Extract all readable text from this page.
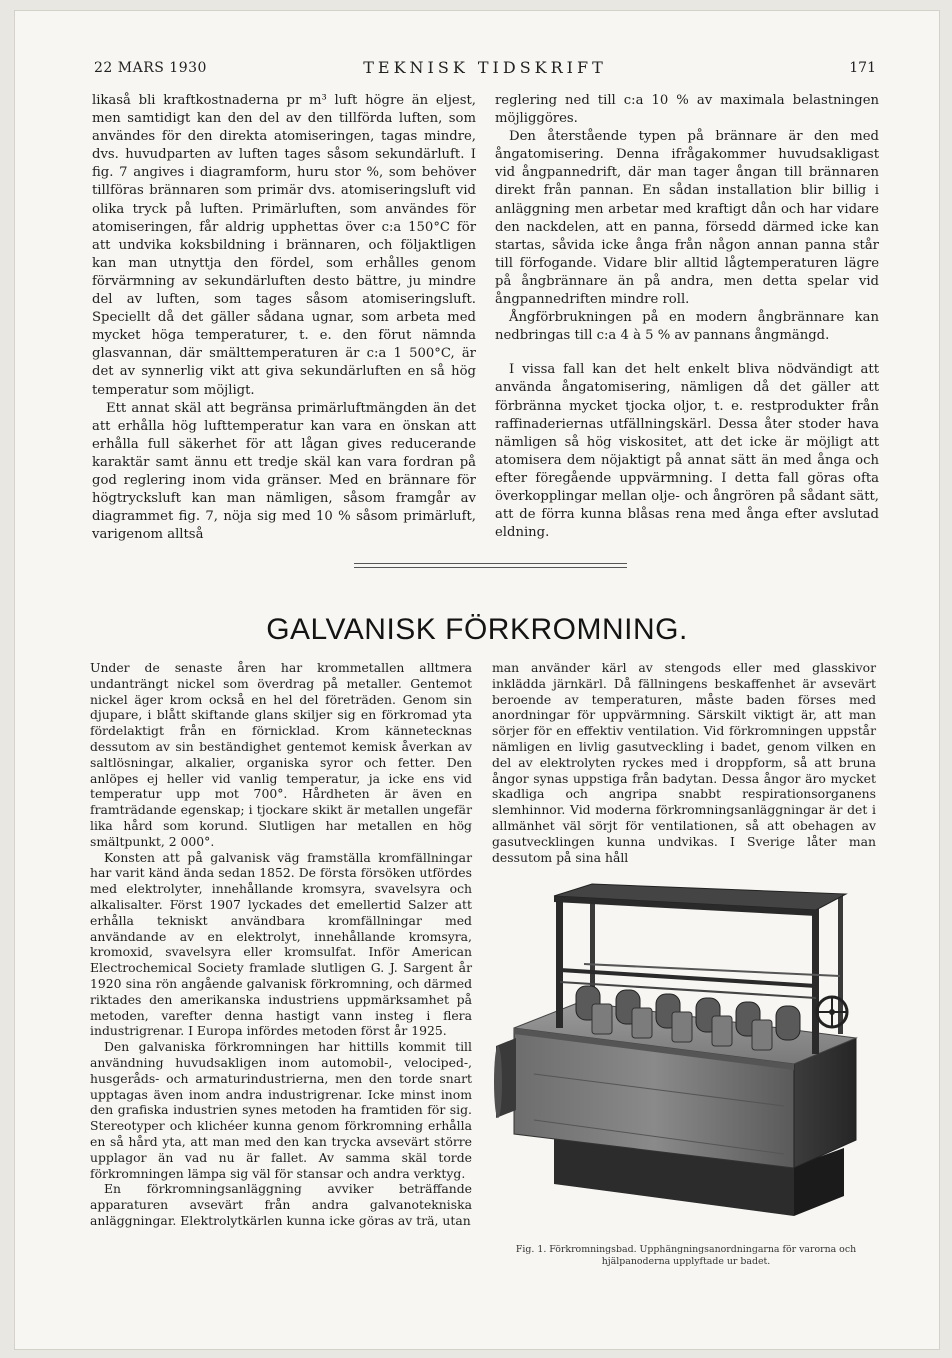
22 MARS 1930	TEKNISK TIDSKRIFT	171

likaså bli kraftkostnaderna pr m³ luft högre än eljest, men samtidigt kan den del av den tillförda luften, som användes för den direkta atomiseringen, tagas mindre, dvs. huvudparten av luften tages såsom sekundärluft. I fig. 7 angives i diagramform, huru stor %, som behöver tillföras brännaren som primär dvs. atomiseringsluft vid olika tryck på luften. Primärluften, som användes för atomiseringen, får aldrig upphettas över c:a 150°C för att undvika koksbildning i brännaren, och följaktligen kan man utnyttja den fördel, som erhålles genom förvärmning av sekundärluften desto bättre, ju mindre del av luften, som tages såsom atomiseringsluft. Speciellt då det gäller sådana ugnar, som arbeta med mycket höga temperaturer, t. e. den förut nämnda glasvannan, där smälttemperaturen är c:a 1 500°C, är det av synnerlig vikt att giva sekundärluften en så hög temperatur som möjligt.

Ett annat skäl att begränsa primärluftmängden än det att erhålla hög lufttemperatur kan vara en önskan att erhålla full säkerhet för att lågan gives reducerande karaktär samt ännu ett tredje skäl kan vara fordran på god reglering inom vida gränser. Med en brännare för högtrycksluft kan man nämligen, såsom framgår av diagrammet fig. 7, nöja sig med 10 % såsom primärluft, varigenom alltså

reglering ned till c:a 10 % av maximala belastningen möjliggöres.

Den återstående typen på brännare är den med ångatomisering. Denna ifrågakommer huvudsakligast vid ångpannedrift, där man tager ångan till brännaren direkt från pannan. En sådan installation blir billig i anläggning men arbetar med kraftigt dån och har vidare den nackdelen, att en panna, försedd därmed icke kan startas, såvida icke ånga från någon annan panna står till förfogande. Vidare blir alltid lågtemperaturen lägre på ångbrännare än på andra, men detta spelar vid ångpannedriften mindre roll.

Ångförbrukningen på en modern ångbrännare kan nedbringas till c:a 4 à 5 % av pannans ångmängd.

I vissa fall kan det helt enkelt bliva nödvändigt att använda ångatomisering, nämligen då det gäller att förbränna mycket tjocka oljor, t. e. restprodukter från raffinaderiernas utfällningskärl. Dessa åter stoder hava nämligen så hög viskositet, att det icke är möjligt att atomisera dem nöjaktigt på annat sätt än med ånga och efter föregående uppvärmning. I detta fall göras ofta överkopplingar mellan olje- och ångrören på sådant sätt, att de förra kunna blåsas rena med ånga efter avslutad eldning.

GALVANISK FÖRKROMNING.

Under de senaste åren har krommetallen alltmera undanträngt nickel som överdrag på metaller. Gentemot nickel äger krom också en hel del företräden. Genom sin djupare, i blått skiftande glans skiljer sig en förkromad yta fördelaktigt från en förnicklad. Krom kännetecknas dessutom av sin beständighet gentemot kemisk åverkan av saltlösningar, alkalier, organiska syror och fetter. Den anlöpes ej heller vid vanlig temperatur, ja icke ens vid temperatur upp mot 700°. Hårdheten är även en framträdande egenskap; i tjockare skikt är metallen ungefär lika hård som korund. Slutligen har metallen en hög smältpunkt, 2 000°.

Konsten att på galvanisk väg framställa kromfällningar har varit känd ända sedan 1852. De första försöken utfördes med elektrolyter, innehållande kromsyra, svavelsyra och alkalisalter. Först 1907 lyckades det emellertid Salzer att erhålla tekniskt användbara kromfällningar med användande av en elektrolyt, innehållande kromsyra, kromoxid, svavelsyra eller kromsulfat. Inför American Electrochemical Society framlade slutligen G. J. Sargent år 1920 sina rön angående galvanisk förkromning, och därmed riktades den amerikanska industriens uppmärksamhet på metoden, varefter denna hastigt vann insteg i flera industrigrenar. I Europa infördes metoden först år 1925.

Den galvaniska förkromningen har hittills kommit till användning huvudsakligen inom automobil-, velociped-, husgeråds- och armaturindustrierna, men den torde snart upptagas även inom andra industrigrenar. Icke minst inom den grafiska industrien synes metoden ha framtiden för sig. Stereotyper och klichéer kunna genom förkromning erhålla en så hård yta, att man med den kan trycka avsevärt större upplagor än vad nu är fallet. Av samma skäl torde förkromningen lämpa sig väl för stansar och andra verktyg.

En förkromningsanläggning avviker beträffande apparaturen avsevärt från andra galvanotekniska anläggningar. Elektrolytkärlen kunna icke göras av trä, utan

man använder kärl av stengods eller med glasskivor inklädda järnkärl. Då fällningens beskaffenhet är avsevärt beroende av temperaturen, måste baden förses med anordningar för uppvärmning. Särskilt viktigt är, att man sörjer för en effektiv ventilation. Vid förkromningen uppstår nämligen en livlig gasutveckling i badet, genom vilken en del av elektrolyten ryckes med i droppform, så att bruna ångor synas uppstiga från badytan. Dessa ångor äro mycket skadliga och angripa snabbt respirationsorganens slemhinnor. Vid moderna förkromningsanläggningar är det i allmänhet väl sörjt för ventilationen, så att obehagen av gasutvecklingen kunna undvikas. I Sverige låter man dessutom på sina håll

Fig. 1. Förkromningsbad. Upphängningsanordningarna för varorna och hjälpanoderna upplyftade ur badet.
